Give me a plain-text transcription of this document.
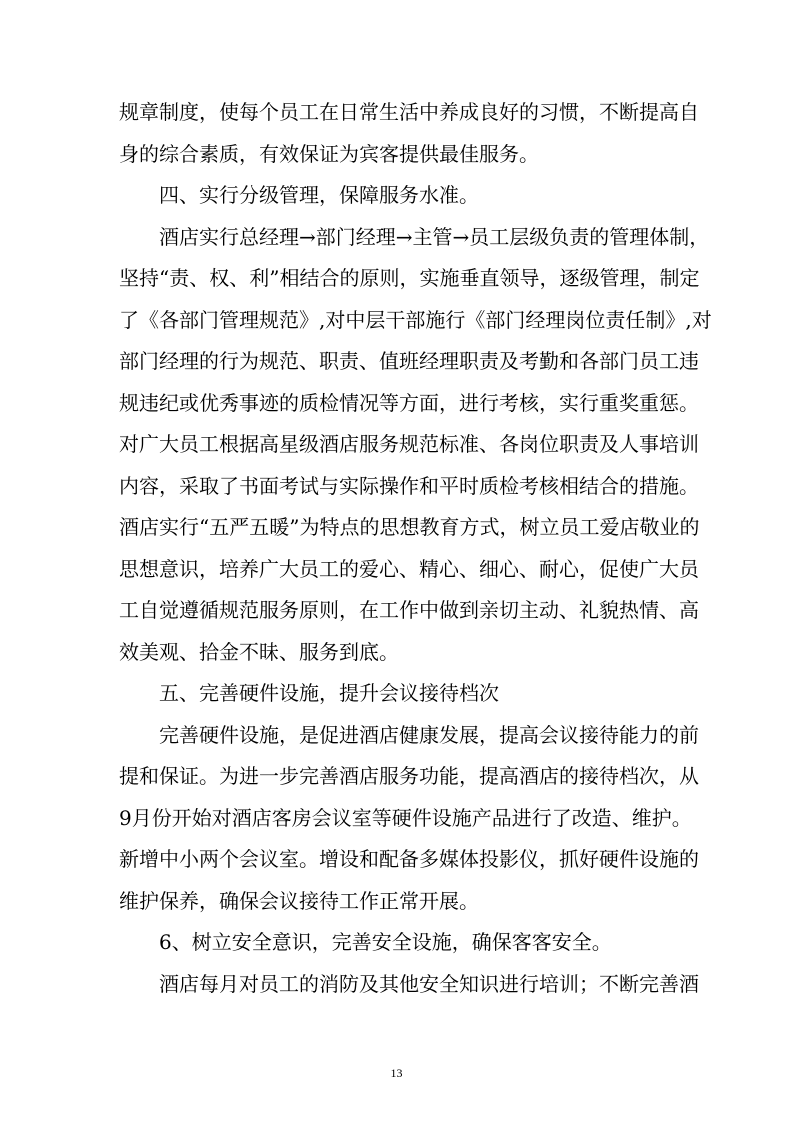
规章制度，使每个员工在日常生活中养成良好的习惯，不断提高自
身的综合素质，有效保证为宾客提供最佳服务。
四、实行分级管理，保障服务水准。
酒店实行总经理→部门经理→主管→员工层级负责的管理体制，
坚持“责、权、利”相结合的原则，实施垂直领导，逐级管理，制定
了《各部门管理规范》,对中层干部施行《部门经理岗位责任制》,对
部门经理的行为规范、职责、值班经理职责及考勤和各部门员工违
规违纪或优秀事迹的质检情况等方面，进行考核，实行重奖重惩。
对广大员工根据高星级酒店服务规范标准、各岗位职责及人事培训
内容，采取了书面考试与实际操作和平时质检考核相结合的措施。
酒店实行“五严五暖”为特点的思想教育方式，树立员工爱店敬业的
思想意识，培养广大员工的爱心、精心、细心、耐心，促使广大员
工自觉遵循规范服务原则，在工作中做到亲切主动、礼貌热情、高
效美观、拾金不昧、服务到底。
五、完善硬件设施，提升会议接待档次
完善硬件设施，是促进酒店健康发展，提高会议接待能力的前
提和保证。为进一步完善酒店服务功能，提高酒店的接待档次，从
9月份开始对酒店客房会议室等硬件设施产品进行了改造、维护。
新增中小两个会议室。增设和配备多媒体投影仪，抓好硬件设施的
维护保养，确保会议接待工作正常开展。
6、树立安全意识，完善安全设施，确保客客安全。
酒店每月对员工的消防及其他安全知识进行培训；不断完善酒
13
